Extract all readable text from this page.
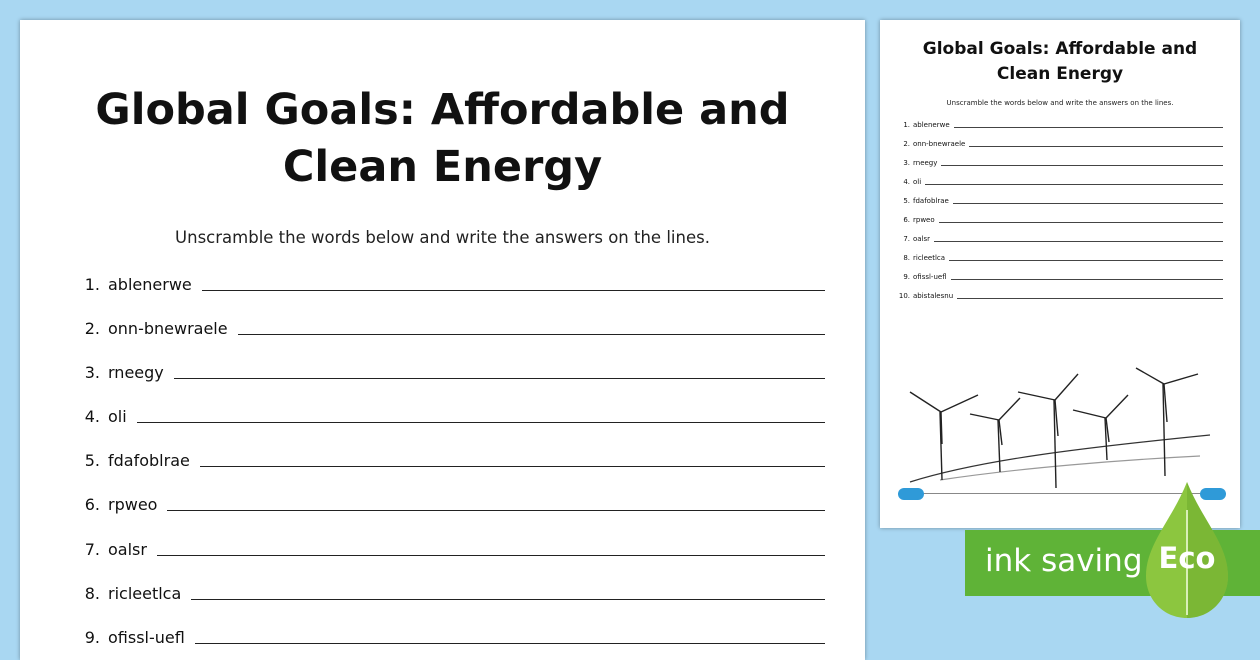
Global Goals: Affordable and
Clean Energy
Unscramble the words below and write the answers on the lines.
1. ablenerwe
2. onn-bnewraele
3. rneegy
4. oli
5. fdafoblrae
6. rpweo
7. oalsr
8. ricleetlca
9. ofissl-uefl
Global Goals: Affordable and
Clean Energy
Unscramble the words below and write the answers on the lines.
1. ablenerwe
2. onn-bnewraele
3. rneegy
4. oli
5. fdafoblrae
6. rpweo
7. oalsr
8. ricleetlca
9. ofissl-uefl
10. abistalesnu
ink saving Eco
